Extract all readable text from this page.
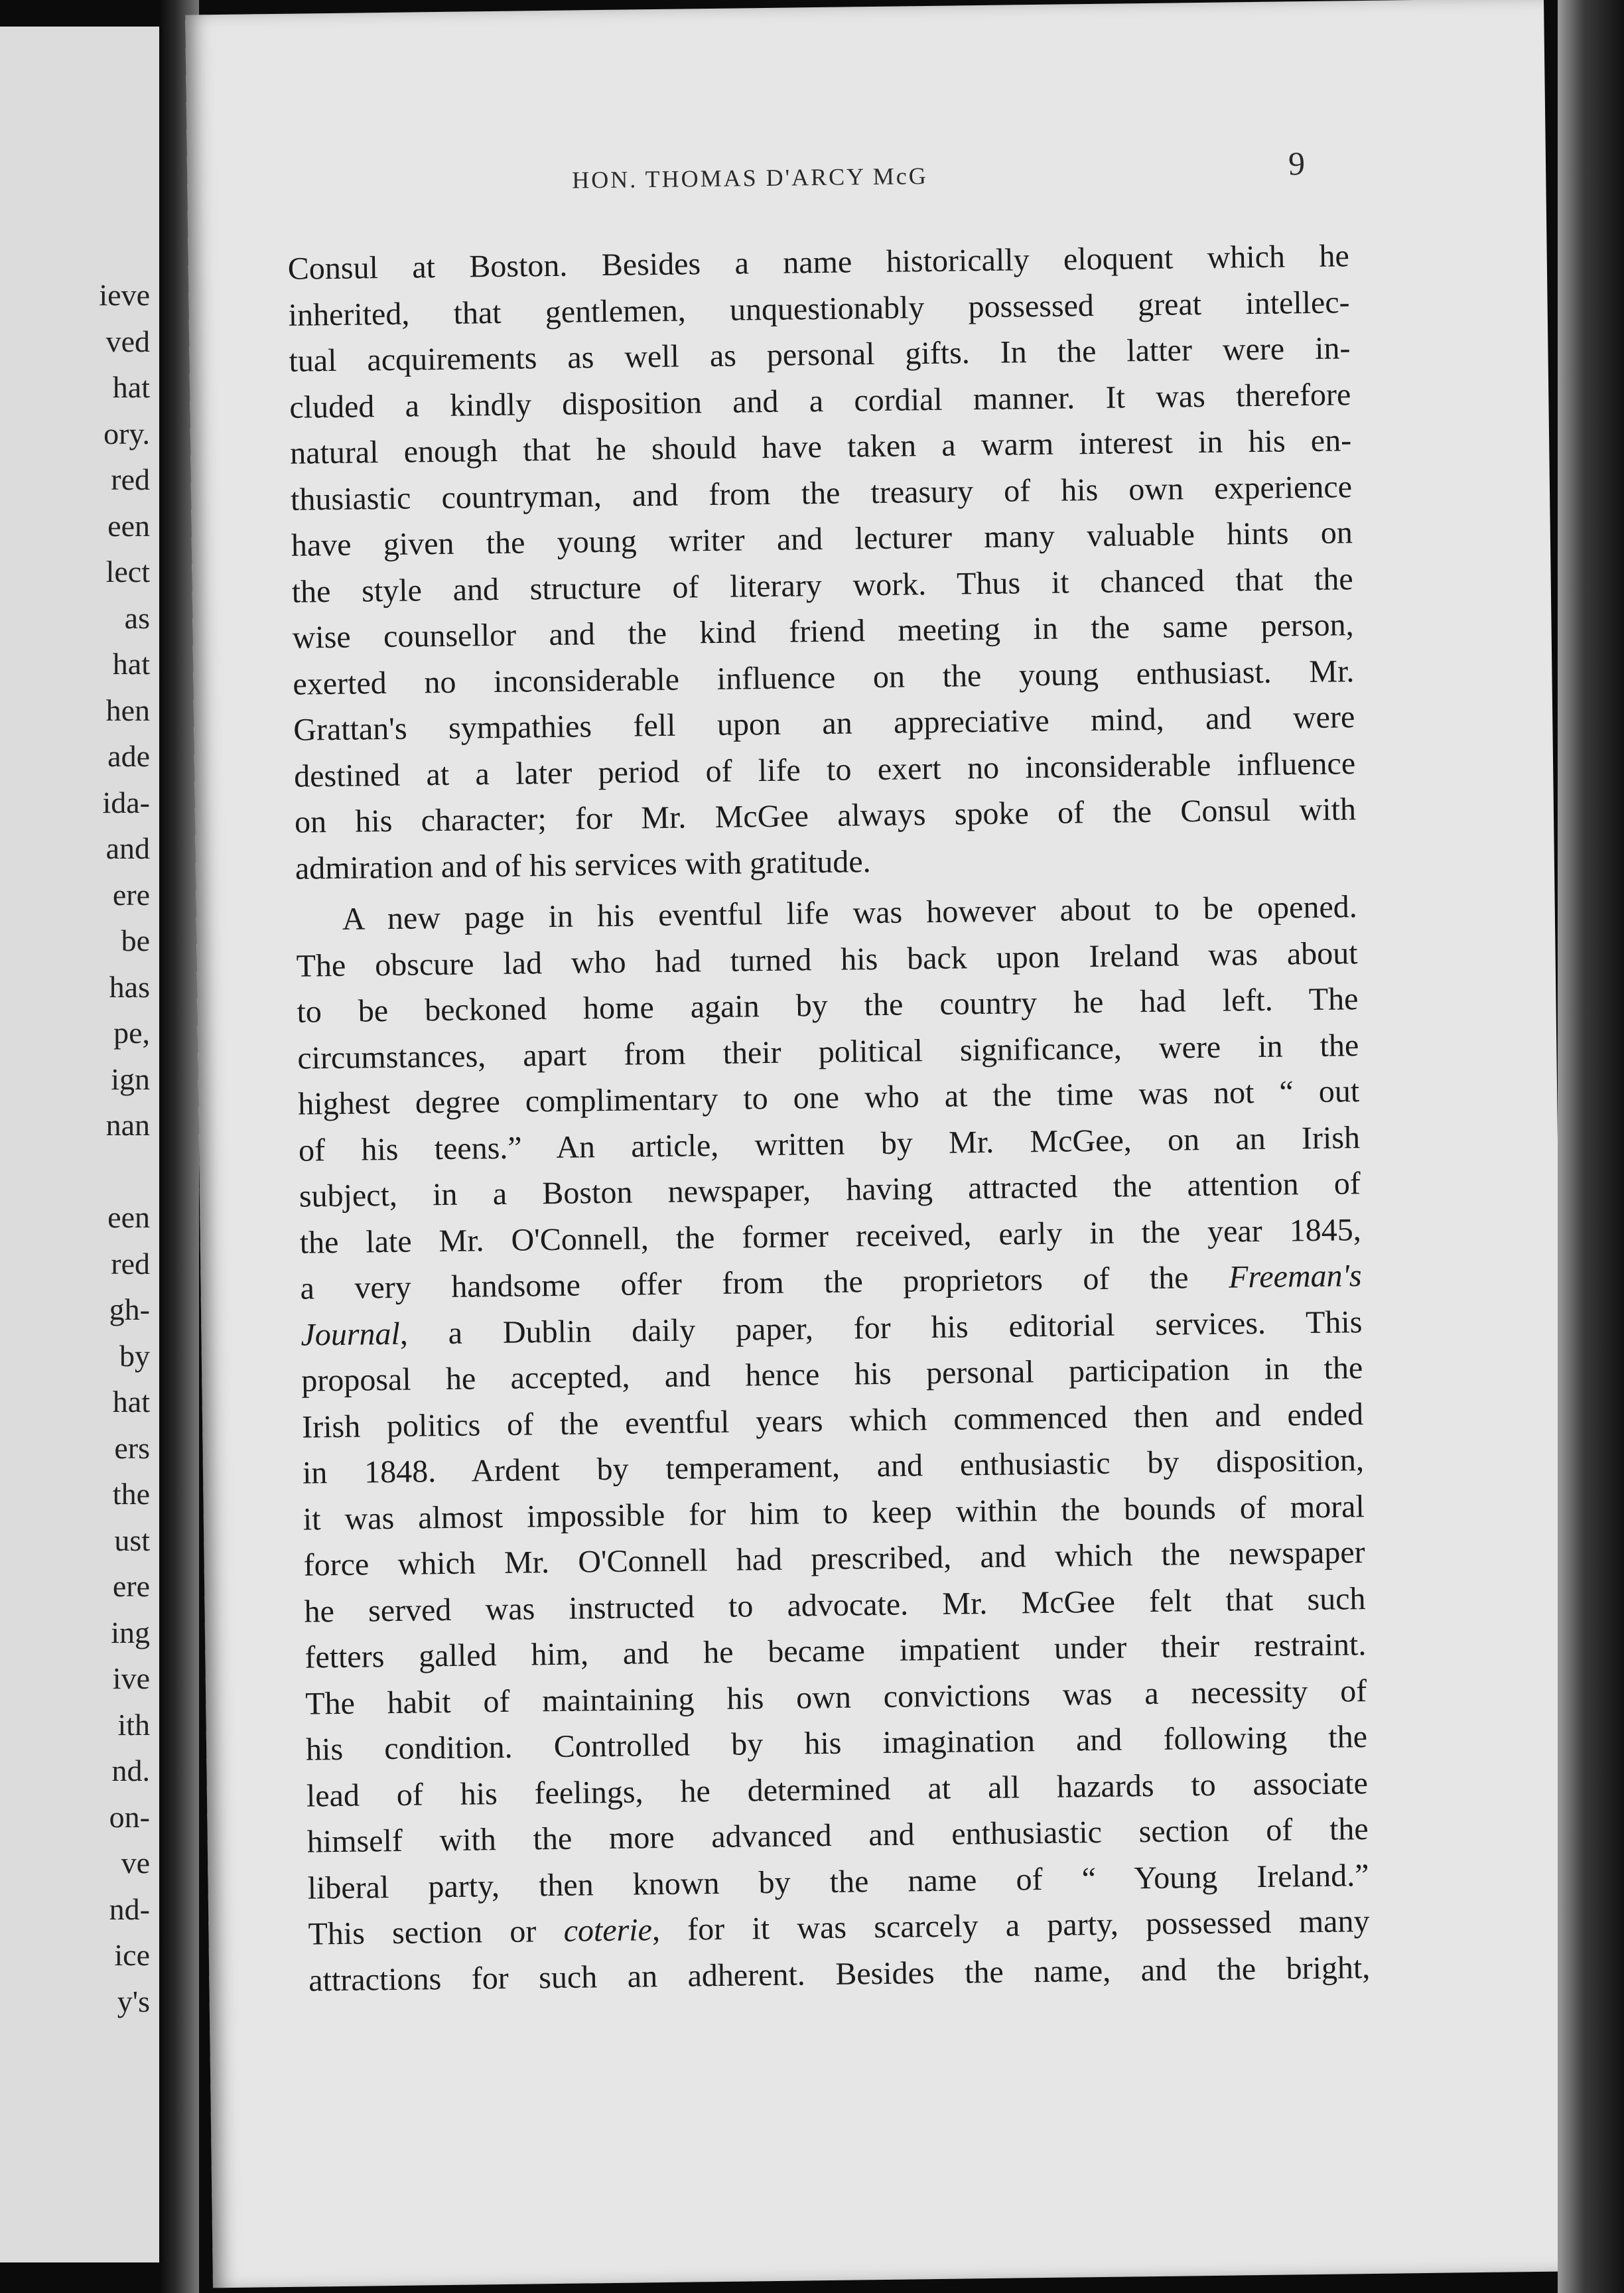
ieve
ved
hat
ory.
red
een
lect
as
hat
hen
ade
ida-
and
ere
be
has
pe,
ign
nan
een
red
gh-
by
hat
ers
the
ust
ere
ing
ive
ith
nd.
on-
ve
nd-
ice
y's
HON. THOMAS D'ARCY McG	9
Consul at Boston. Besides a name historically eloquent which he
inherited, that gentlemen, unquestionably possessed great intellec-
tual acquirements as well as personal gifts. In the latter were in-
cluded a kindly disposition and a cordial manner. It was therefore
natural enough that he should have taken a warm interest in his en-
thusiastic countryman, and from the treasury of his own experience
have given the young writer and lecturer many valuable hints on
the style and structure of literary work. Thus it chanced that the
wise counsellor and the kind friend meeting in the same person,
exerted no inconsiderable influence on the young enthusiast. Mr.
Grattan's sympathies fell upon an appreciative mind, and were
destined at a later period of life to exert no inconsiderable influence
on his character; for Mr. McGee always spoke of the Consul with
admiration and of his services with gratitude.
A new page in his eventful life was however about to be opened.
The obscure lad who had turned his back upon Ireland was about
to be beckoned home again by the country he had left. The
circumstances, apart from their political significance, were in the
highest degree complimentary to one who at the time was not “ out
of his teens.” An article, written by Mr. McGee, on an Irish
subject, in a Boston newspaper, having attracted the attention of
the late Mr. O'Connell, the former received, early in the year 1845,
a very handsome offer from the proprietors of the Freeman's
Journal, a Dublin daily paper, for his editorial services. This
proposal he accepted, and hence his personal participation in the
Irish politics of the eventful years which commenced then and ended
in 1848. Ardent by temperament, and enthusiastic by disposition,
it was almost impossible for him to keep within the bounds of moral
force which Mr. O'Connell had prescribed, and which the newspaper
he served was instructed to advocate. Mr. McGee felt that such
fetters galled him, and he became impatient under their restraint.
The habit of maintaining his own convictions was a necessity of
his condition. Controlled by his imagination and following the
lead of his feelings, he determined at all hazards to associate
himself with the more advanced and enthusiastic section of the
liberal party, then known by the name of “ Young Ireland.”
This section or coterie, for it was scarcely a party, possessed many
attractions for such an adherent. Besides the name, and the bright,
